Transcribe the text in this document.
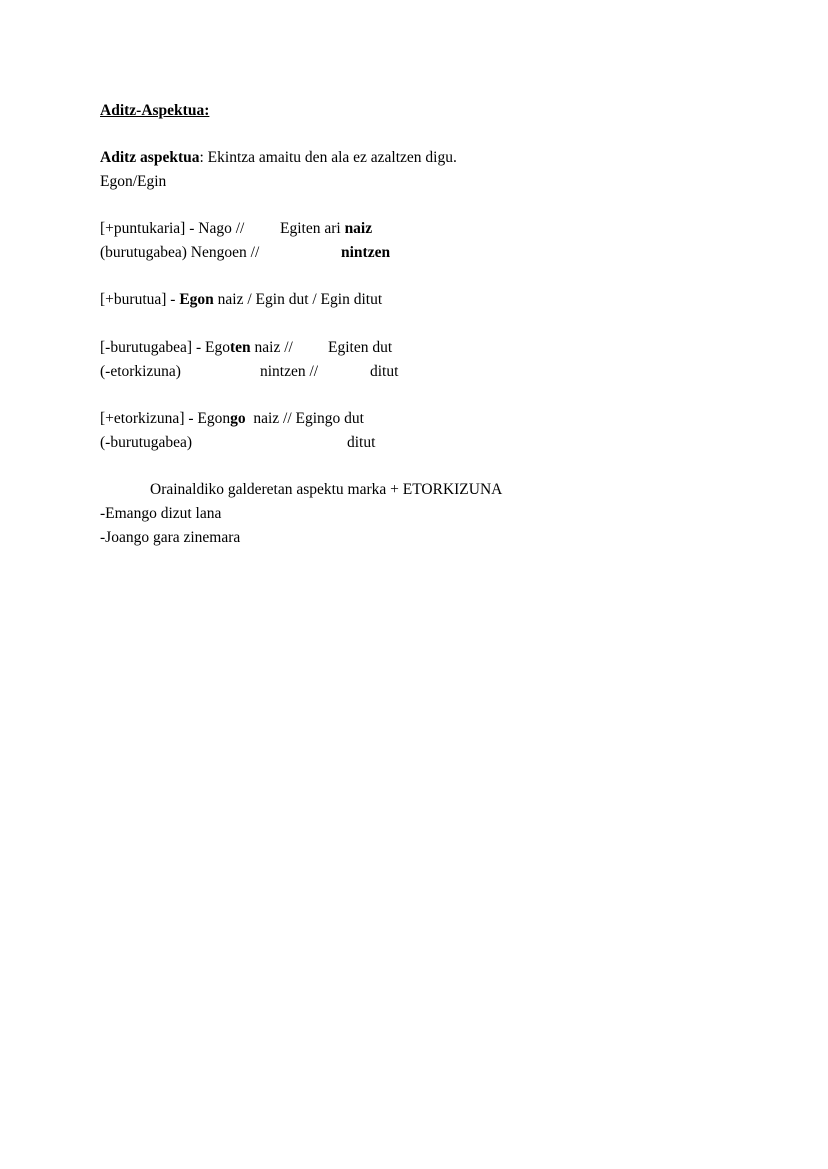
Aditz-Aspektua:
Aditz aspektua: Ekintza amaitu den ala ez azaltzen digu.
Egon/Egin
[+puntukaria] - Nago // Egiten ari naiz
(burutugabea) Nengoen //	nintzen
[+burutua] - Egon naiz / Egin dut / Egin ditut
[-burutugabea] - Egoten naiz // Egiten dut
(-etorkizuna)	nintzen //	ditut
[+etorkizuna] - Egongo  naiz // Egingo dut
(-burutugabea)	ditut
Orainaldiko galderetan aspektu marka + ETORKIZUNA
-Emango dizut lana
-Joango gara zinemara
